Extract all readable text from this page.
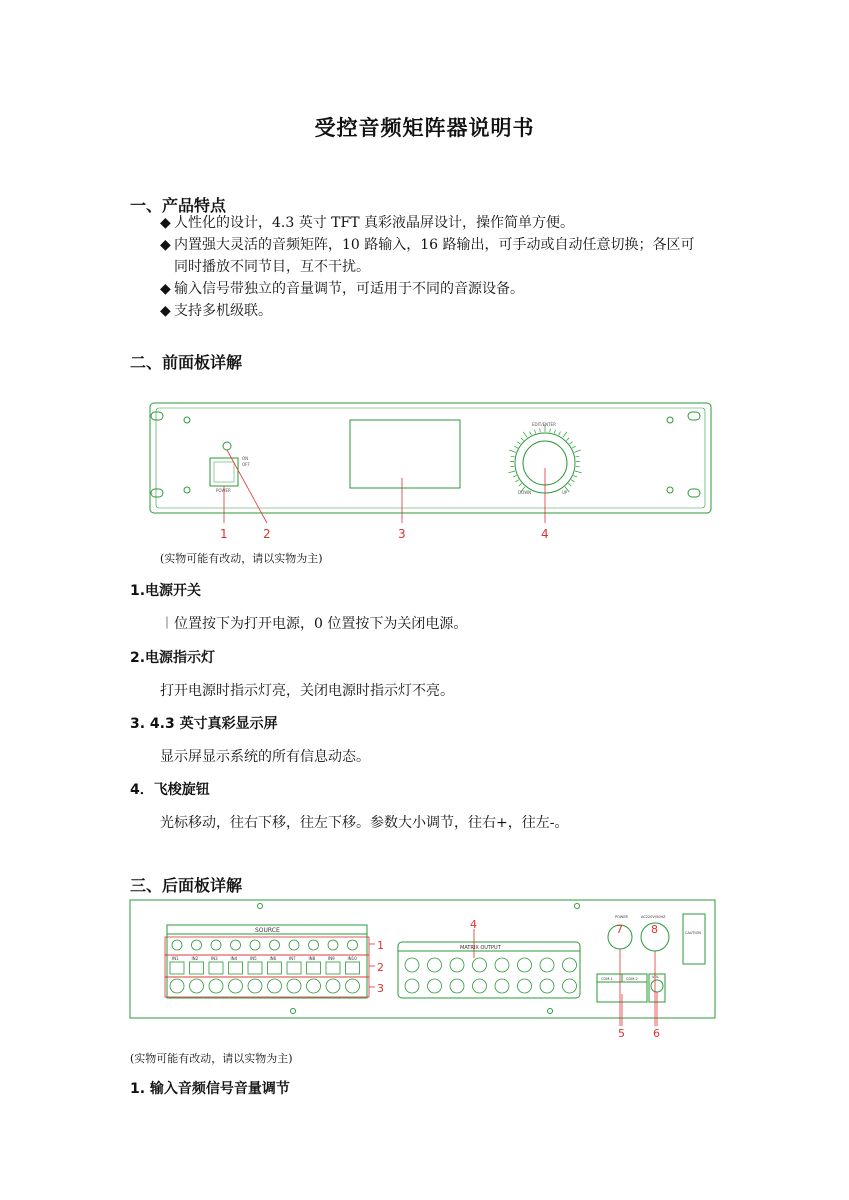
受控音频矩阵器说明书
一、产品特点
◆ 人性化的设计，4.3 英寸 TFT 真彩液晶屏设计，操作简单方便。
◆ 内置强大灵活的音频矩阵，10 路输入，16 路输出，可手动或自动任意切换；各区可
同时播放不同节目，互不干扰。
◆ 输入信号带独立的音量调节，可适用于不同的音源设备。
◆ 支持多机级联。
二、前面板详解
POWER
ON
OFF
EDIT/ENTER
DOWN	UP
1	2	3	4
(实物可能有改动，请以实物为主)
1.电源开关
︱位置按下为打开电源，0 位置按下为关闭电源。
2.电源指示灯
打开电源时指示灯亮，关闭电源时指示灯不亮。
3. 4.3 英寸真彩显示屏
显示屏显示系统的所有信息动态。
4．飞梭旋钮
光标移动，往右下移，往左下移。参数大小调节，往右+，往左-。
三、后面板详解
IN1	IN2	IN3	IN4	IN5	IN6	IN7	IN8	IN9	IN10
SOURCE
MATRIX OUTPUT
POWER	AC220V/50HZ
COM-1	COM-2	VOL
CAUTION
1
2
3
4
5	6
7	8
(实物可能有改动，请以实物为主)
1. 输入音频信号音量调节
